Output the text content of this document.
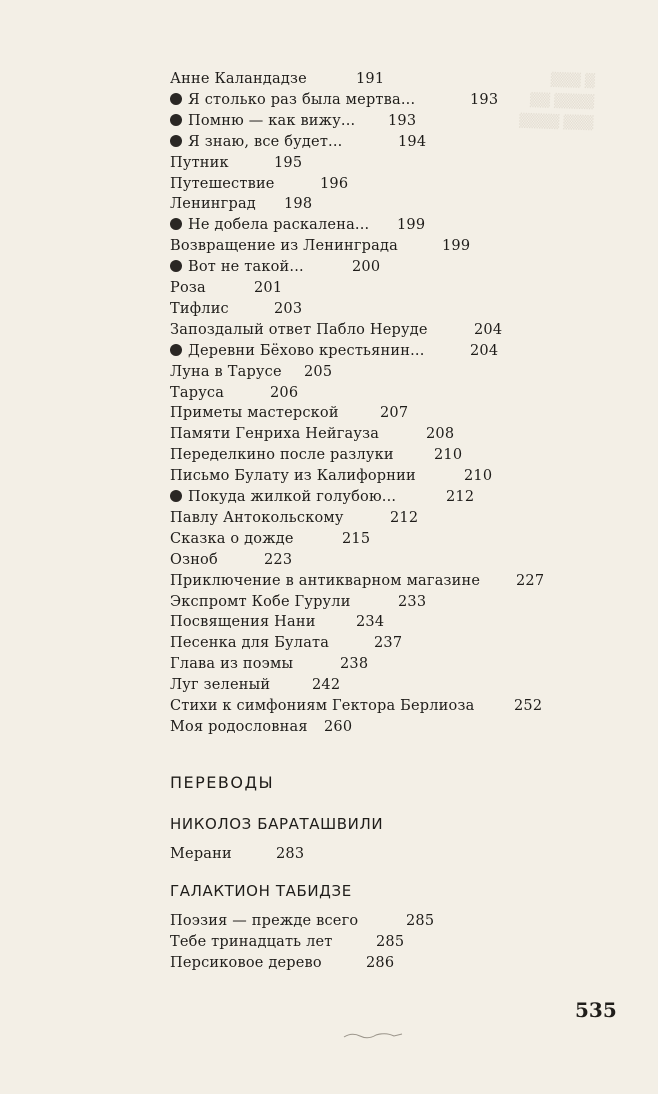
▒ ▒▒▒
▒▒▒▒ ▒▒
▒▒▒ ▒▒▒▒
Анне Каландадзе	191
Я столько раз была мертва...	193
Помню — как вижу... 193
Я знаю, все будет...	194
Путник	195
Путешествие	196
Ленинград 198
Не добела раскалена... 199
Возвращение из Ленинграда	199
Вот не такой...	200
Роза	201
Тифлис	203
Запоздалый ответ Пабло Неруде	204
Деревни Бёхово крестьянин...	204
Луна в Тарусе 205
Таруса	206
Приметы мастерской	207
Памяти Генриха Нейгауза	208
Переделкино после разлуки	210
Письмо Булату из Калифорнии	210
Покуда жилкой голубою...	212
Павлу Антокольскому	212
Сказка о дожде	215
Озноб	223
Приключение в антикварном магазине 227
Экспромт Кобе Гурули	233
Посвящения Нани	234
Песенка для Булата	237
Глава из поэмы	238
Луг зеленый	242
Стихи к симфониям Гектора Берлиоза	252
Моя родословная 260
ПЕРЕВОДЫ
НИКОЛОЗ БАРАТАШВИЛИ
Мерани	283
ГАЛАКТИОН ТАБИДЗЕ
Поэзия — прежде всего	285
Тебе тринадцать лет	285
Персиковое дерево	286
535
